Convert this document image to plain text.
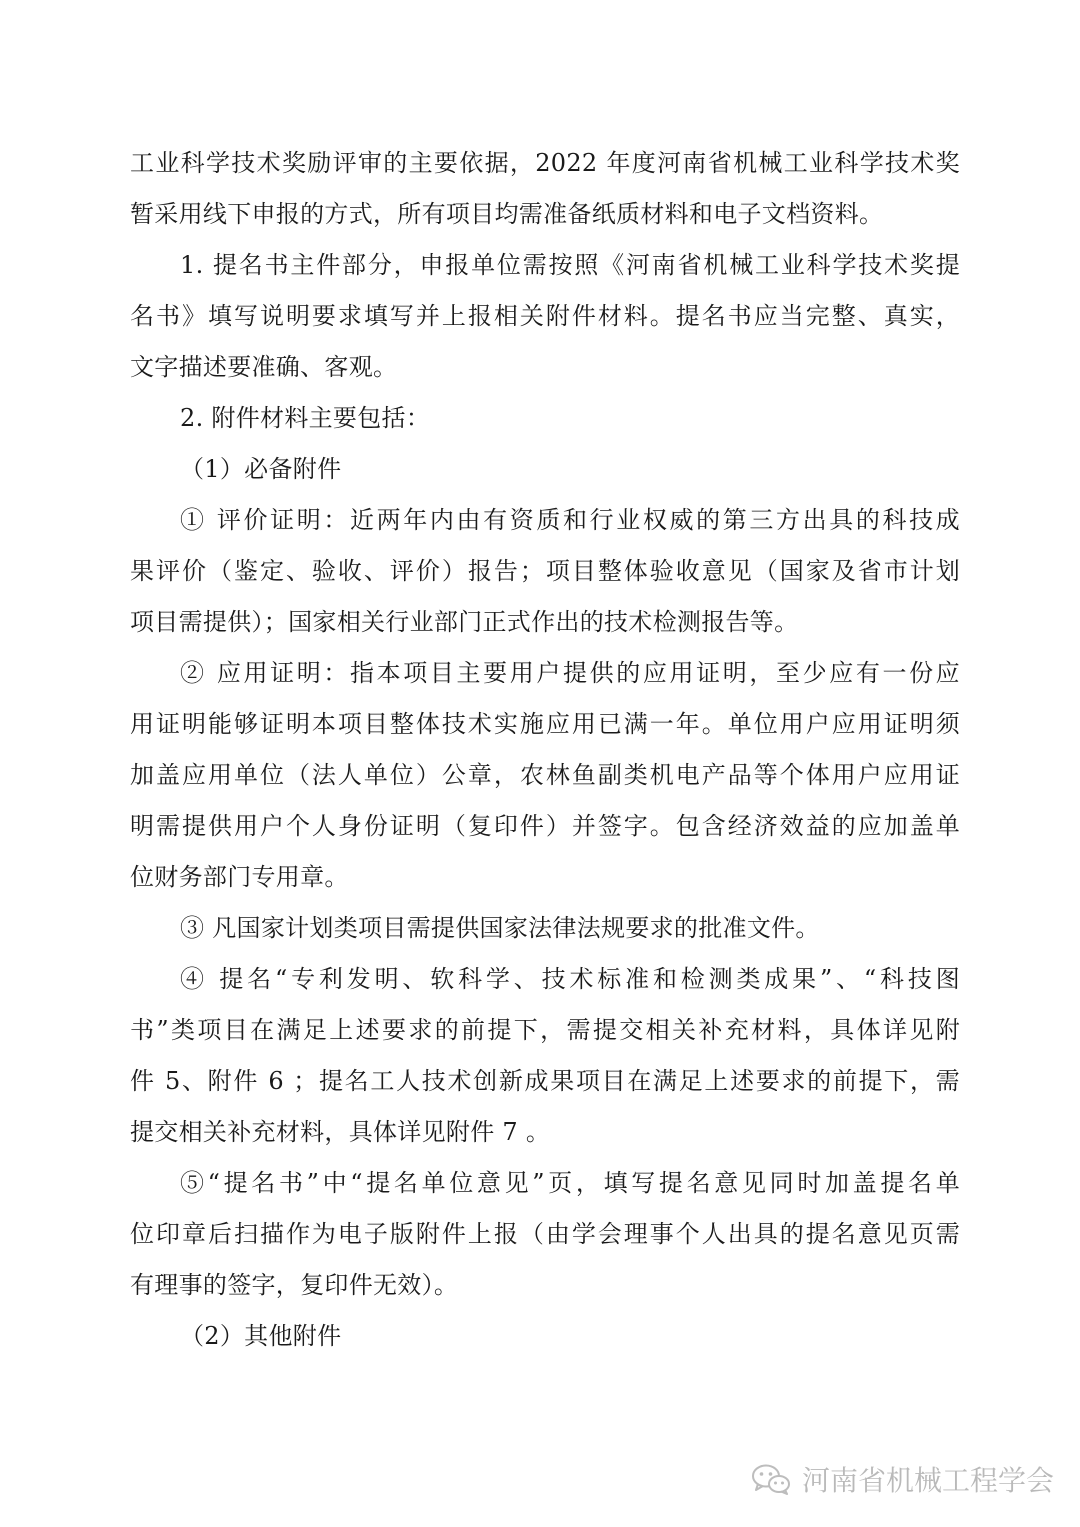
工业科学技术奖励评审的主要依据，2022 年度河南省机械工业科学技术奖
暂采用线下申报的方式，所有项目均需准备纸质材料和电子文档资料。
1. 提名书主件部分，申报单位需按照《河南省机械工业科学技术奖提
名书》填写说明要求填写并上报相关附件材料。提名书应当完整、真实，
文字描述要准确、客观。
2. 附件材料主要包括：
（1）必备附件
① 评价证明：近两年内由有资质和行业权威的第三方出具的科技成
果评价（鉴定、验收、评价）报告；项目整体验收意见（国家及省市计划
项目需提供）；国家相关行业部门正式作出的技术检测报告等。
② 应用证明：指本项目主要用户提供的应用证明，至少应有一份应
用证明能够证明本项目整体技术实施应用已满一年。单位用户应用证明须
加盖应用单位（法人单位）公章，农林鱼副类机电产品等个体用户应用证
明需提供用户个人身份证明（复印件）并签字。包含经济效益的应加盖单
位财务部门专用章。
③ 凡国家计划类项目需提供国家法律法规要求的批准文件。
④ 提名“专利发明、软科学、技术标准和检测类成果”、“科技图
书”类项目在满足上述要求的前提下，需提交相关补充材料，具体详见附
件 5、附件 6 ；提名工人技术创新成果项目在满足上述要求的前提下，需
提交相关补充材料，具体详见附件 7 。
⑤“提名书”中“提名单位意见”页，填写提名意见同时加盖提名单
位印章后扫描作为电子版附件上报（由学会理事个人出具的提名意见页需
有理事的签字，复印件无效）。
（2）其他附件
河南省机械工程学会
